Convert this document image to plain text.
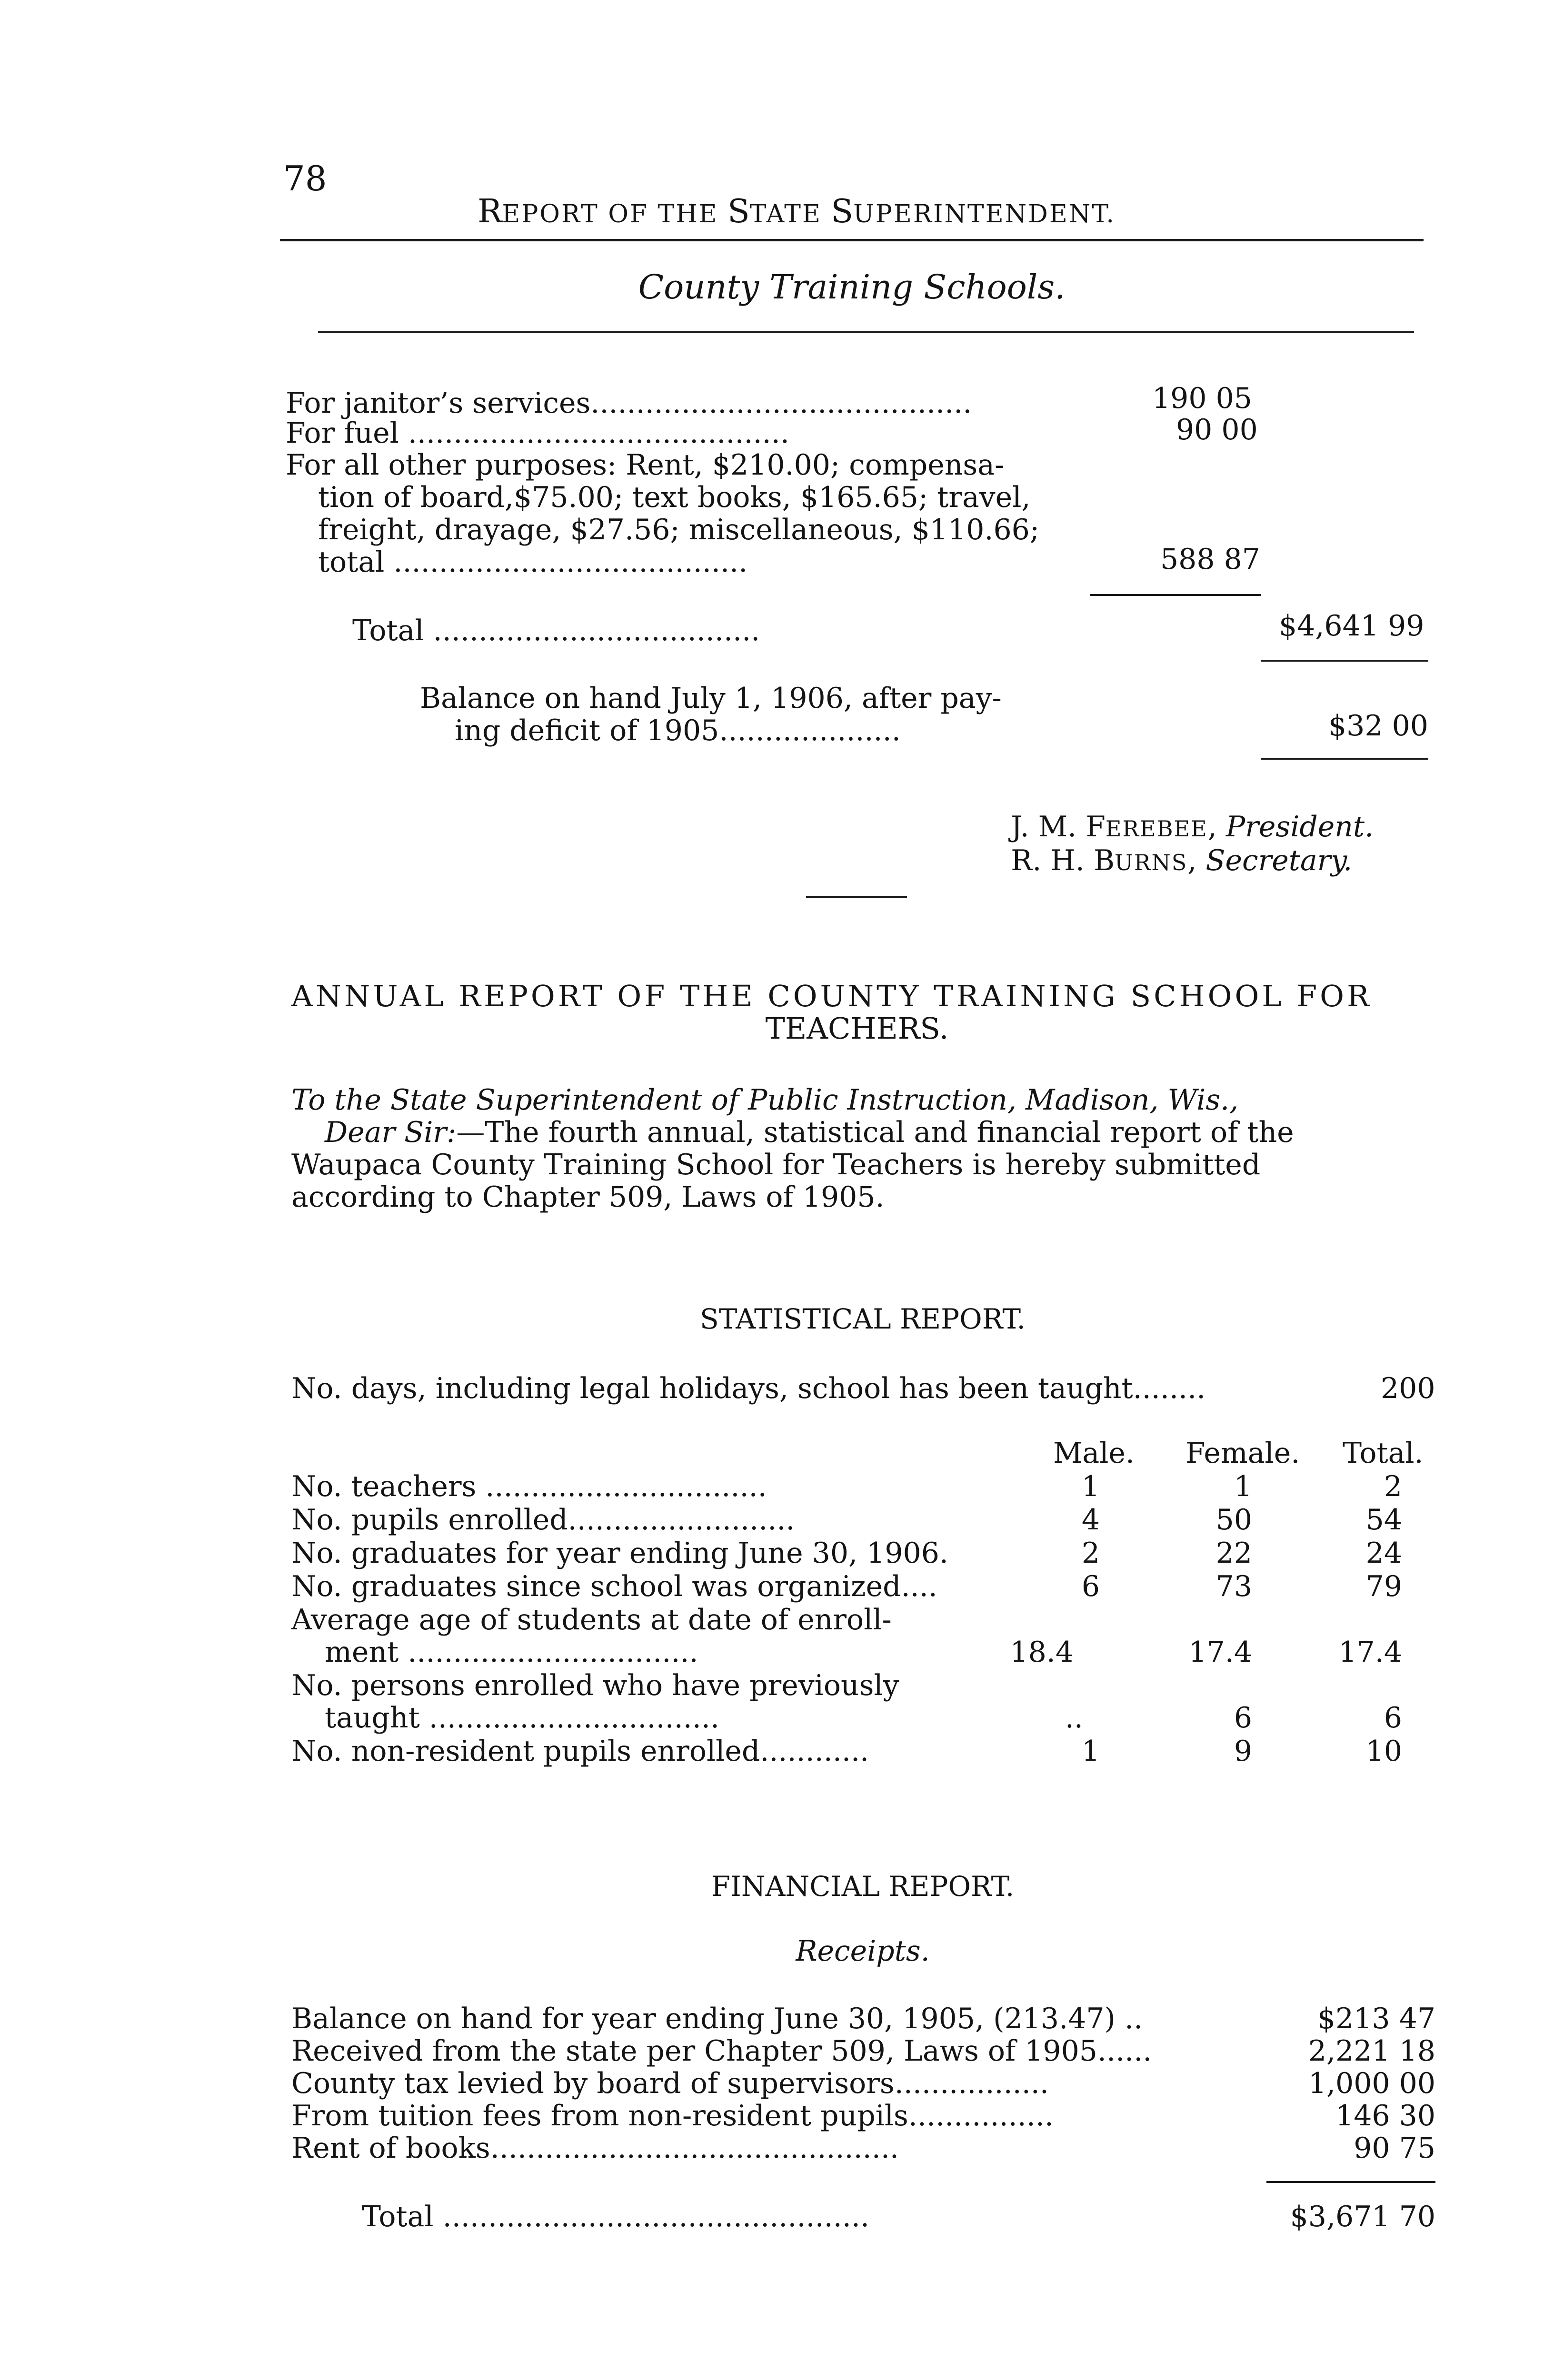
78

REPORT OF THE STATE SUPERINTENDENT.

County Training Schools.
For janitor’s services..........................................	190 05
For fuel ..........................................	90 00
For all other purposes: Rent, $210.00; compensa-
tion of board,$75.00; text books, $165.65; travel,
freight, drayage, $27.56; miscellaneous, $110.66;
total .......................................	588 87
Total ....................................	$4,641 99
Balance on hand July 1, 1906, after pay-
ing deficit of 1905....................	$32 00

J. M. FEREBEE, President.

R. H. BURNS, Secretary.

ANNUAL REPORT OF THE COUNTY TRAINING SCHOOL FOR
TEACHERS.
To the State Superintendent of Public Instruction, Madison, Wis.,
Dear Sir:—The fourth annual, statistical and financial report of the
Waupaca County Training School for Teachers is hereby submitted
according to Chapter 509, Laws of 1905.
STATISTICAL REPORT.
No. days, including legal holidays, school has been taught........	200
Male. Female. Total.
No. teachers ...............................	1	1	2
No. pupils enrolled.........................	4	50	54
No. graduates for year ending June 30, 1906.	2	22	24
No. graduates since school was organized....	6	73	79
Average age of students at date of enroll-
ment ................................	18.4	17.4	17.4
No. persons enrolled who have previously
taught ................................	..	6	6
No. non-resident pupils enrolled............	1	9	10
FINANCIAL REPORT.
Receipts.
Balance on hand for year ending June 30, 1905, (213.47) ..	$213 47
Received from the state per Chapter 509, Laws of 1905......	2,221 18
County tax levied by board of supervisors.................	1,000 00
From tuition fees from non-resident pupils................	146 30
Rent of books.............................................	90 75
Total ...............................................	$3,671 70
